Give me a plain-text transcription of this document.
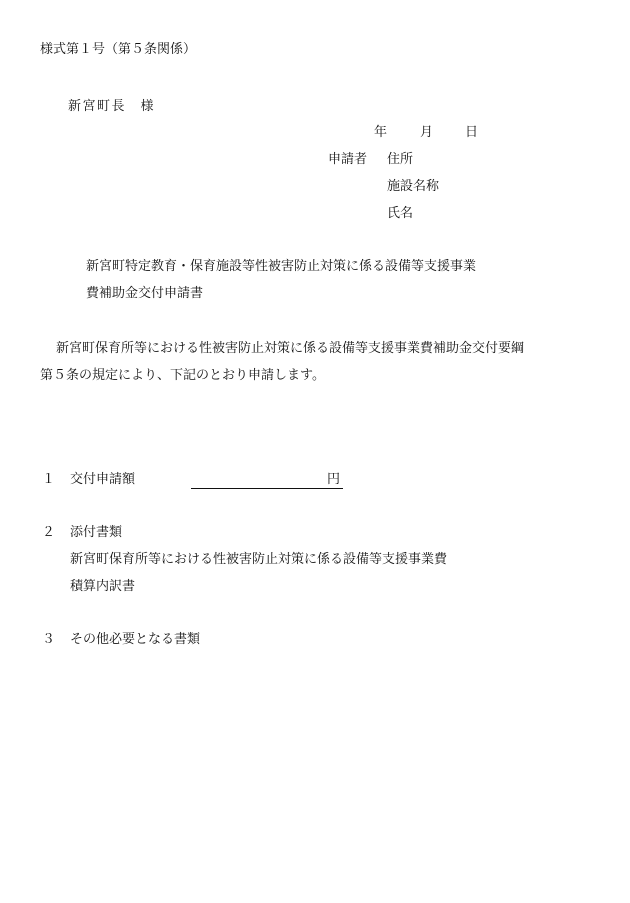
様式第１号（第５条関係）
新宮町長　様
年	月 日
申請者 住所
施設名称
氏名
新宮町特定教育・保育施設等性被害防止対策に係る設備等支援事業
費補助金交付申請書
新宮町保育所等における性被害防止対策に係る設備等支援事業費補助金交付要綱
第５条の規定により、下記のとおり申請します。
１ 交付申請額	円
２ 添付書類
新宮町保育所等における性被害防止対策に係る設備等支援事業費
積算内訳書
３ その他必要となる書類
